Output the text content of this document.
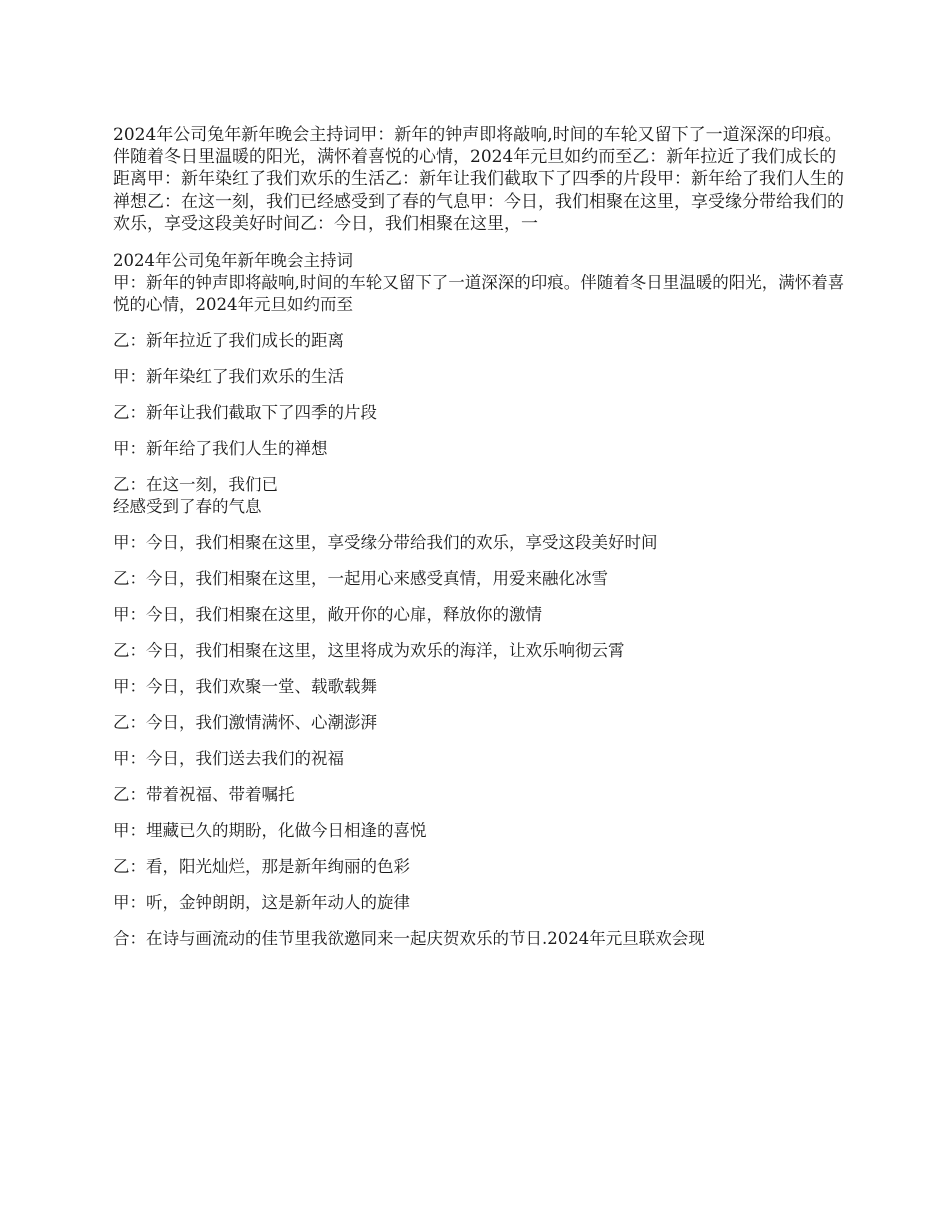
2024年公司兔年新年晚会主持词甲：新年的钟声即将敲响,时间的车轮又留下了一道深深的印痕。伴随着冬日里温暖的阳光，满怀着喜悦的心情，2024年元旦如约而至乙：新年拉近了我们成长的距离甲：新年染红了我们欢乐的生活乙：新年让我们截取下了四季的片段甲：新年给了我们人生的禅想乙：在这一刻，我们已经感受到了春的气息甲：今日，我们相聚在这里，享受缘分带给我们的欢乐，享受这段美好时间乙：今日，我们相聚在这里，一

2024年公司兔年新年晚会主持词

甲：新年的钟声即将敲响,时间的车轮又留下了一道深深的印痕。伴随着冬日里温暖的阳光，满怀着喜悦的心情，2024年元旦如约而至

乙：新年拉近了我们成长的距离

甲：新年染红了我们欢乐的生活

乙：新年让我们截取下了四季的片段

甲：新年给了我们人生的禅想

乙：在这一刻，我们已

经感受到了春的气息

甲：今日，我们相聚在这里，享受缘分带给我们的欢乐，享受这段美好时间

乙：今日，我们相聚在这里，一起用心来感受真情，用爱来融化冰雪

甲：今日，我们相聚在这里，敞开你的心扉，释放你的激情

乙：今日，我们相聚在这里，这里将成为欢乐的海洋，让欢乐响彻云霄

甲：今日，我们欢聚一堂、载歌载舞

乙：今日，我们激情满怀、心潮澎湃

甲：今日，我们送去我们的祝福

乙：带着祝福、带着嘱托

甲：埋藏已久的期盼，化做今日相逢的喜悦

乙：看，阳光灿烂，那是新年绚丽的色彩

甲：听，金钟朗朗，这是新年动人的旋律

合：在诗与画流动的佳节里我欲邀同来一起庆贺欢乐的节日.2024年元旦联欢会现
